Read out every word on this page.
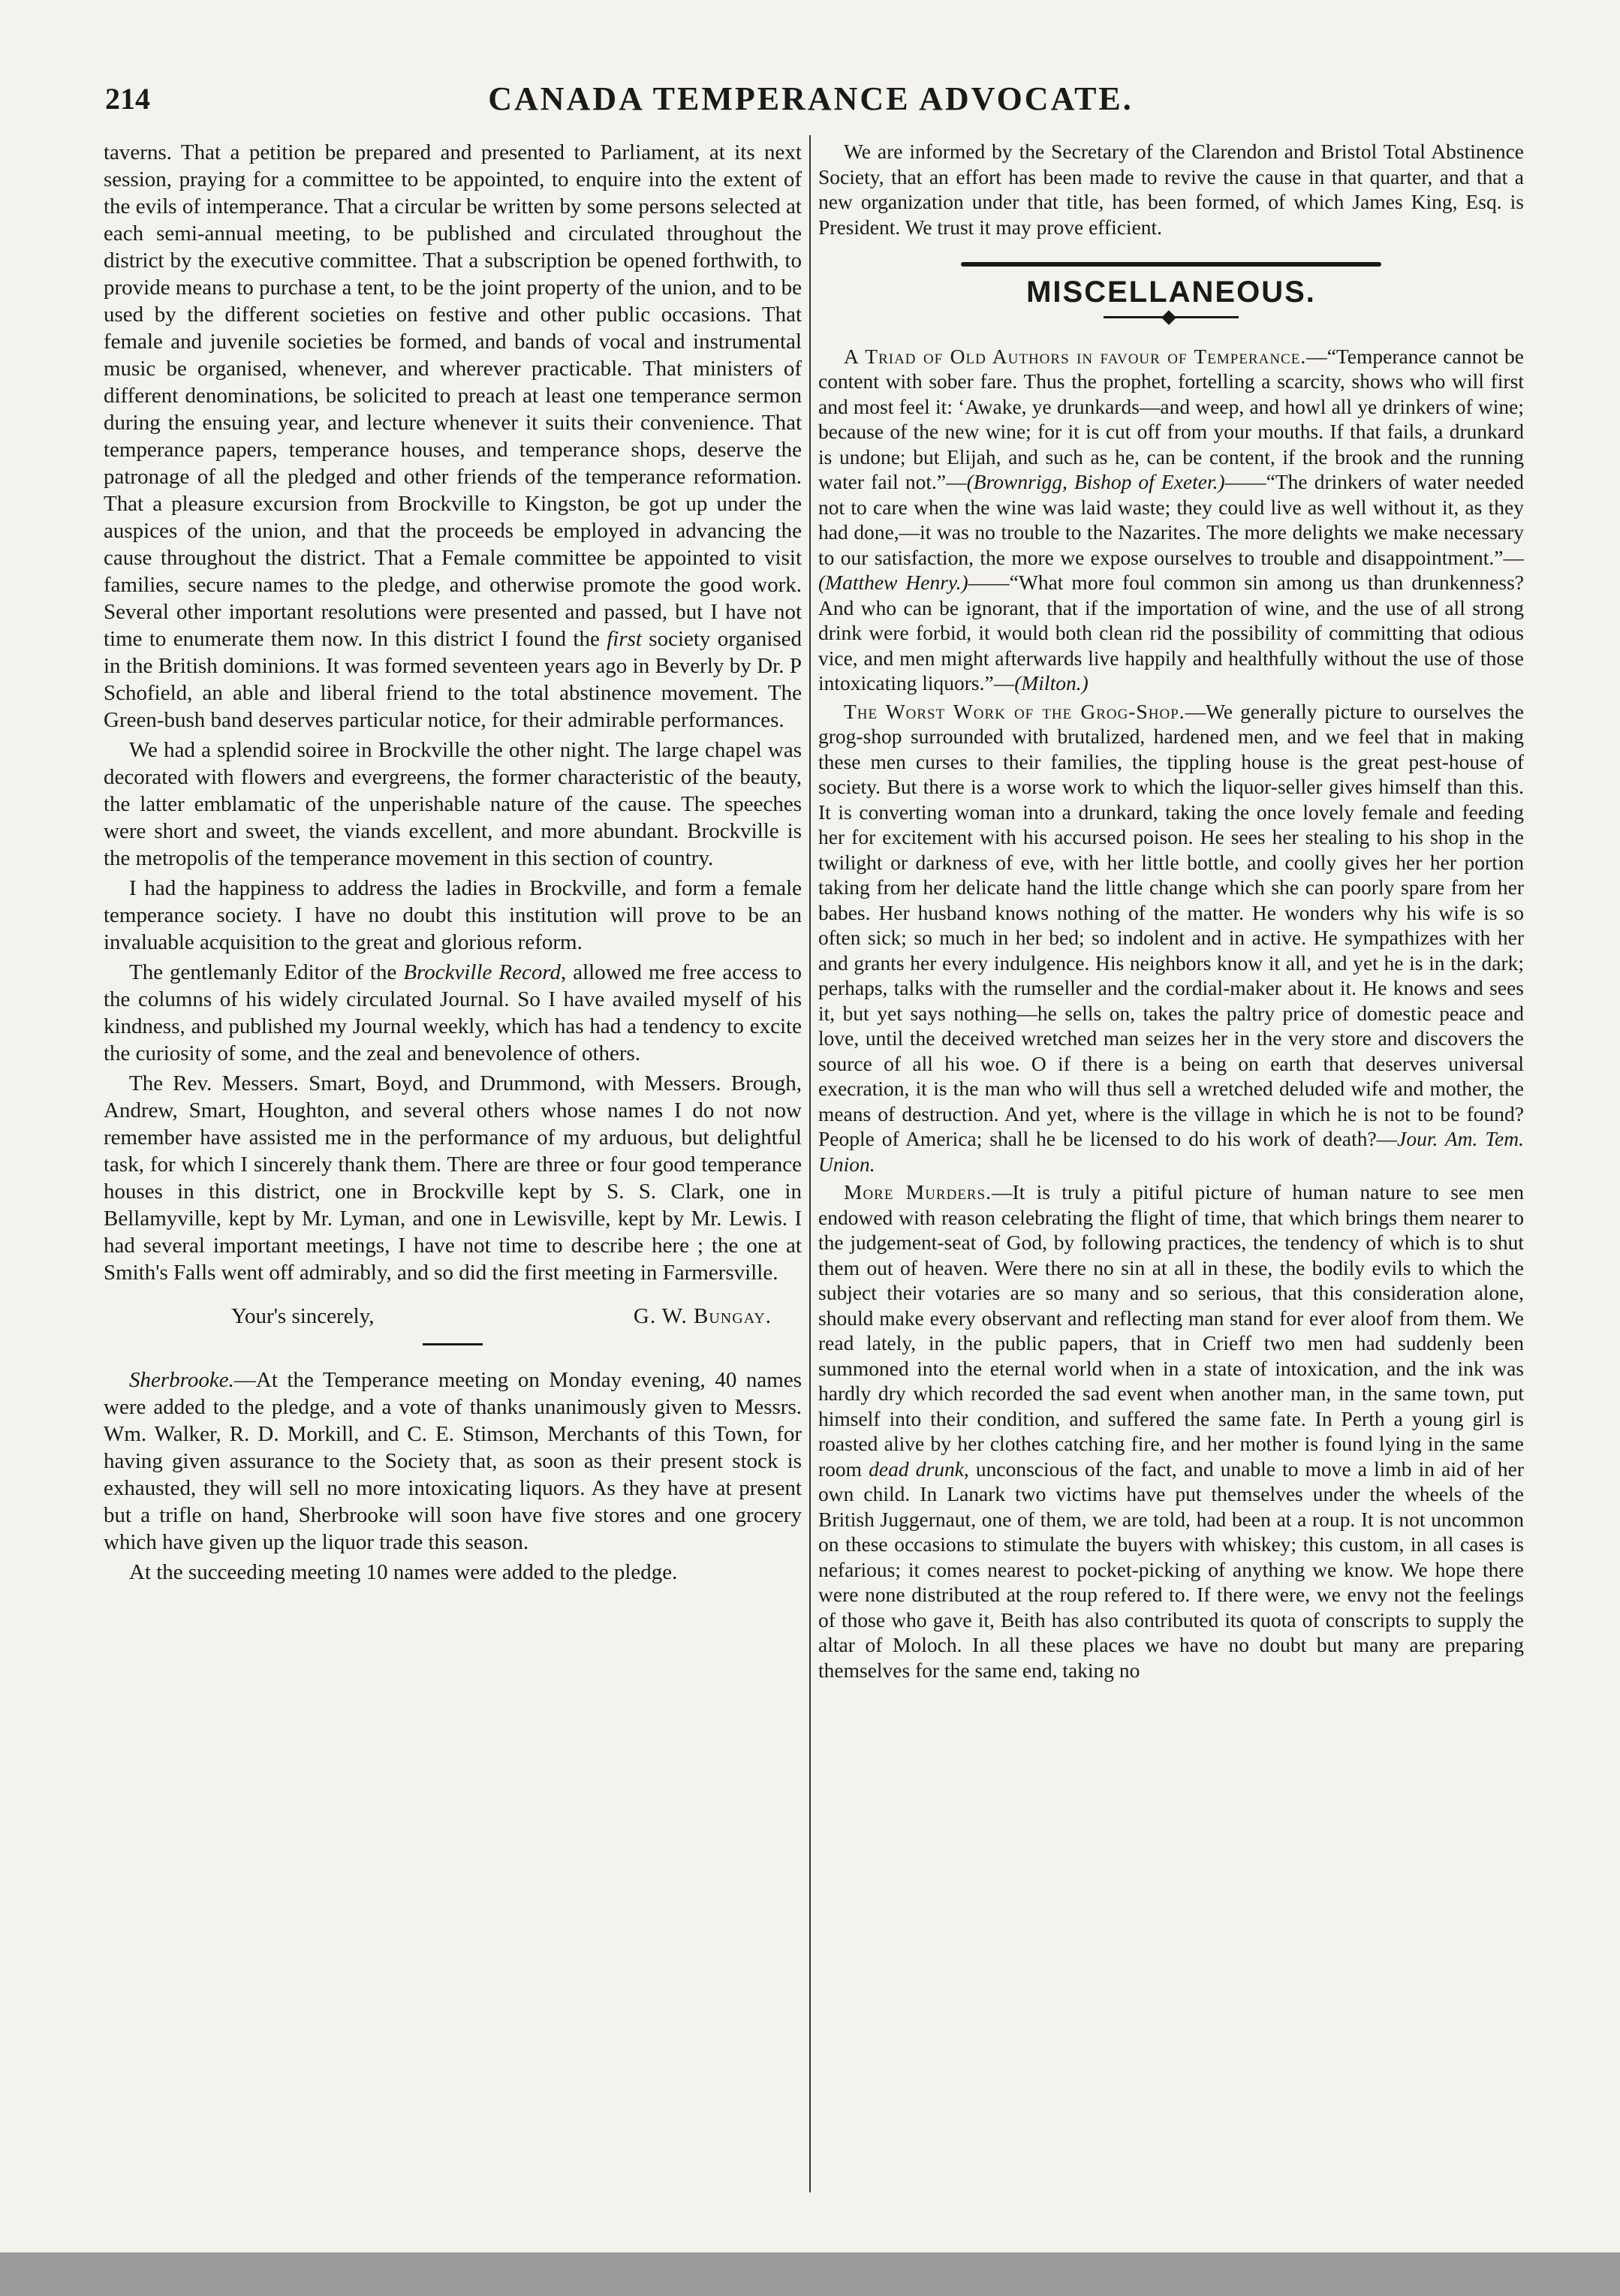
214	CANADA TEMPERANCE ADVOCATE.

taverns. That a petition be prepared and presented to Parliament, at its next session, praying for a committee to be appointed, to enquire into the extent of the evils of intemperance. That a circular be written by some persons selected at each semi-annual meeting, to be published and circulated throughout the district by the executive committee. That a subscription be opened forthwith, to provide means to purchase a tent, to be the joint property of the union, and to be used by the different societies on festive and other public occasions. That female and juvenile societies be formed, and bands of vocal and instrumental music be organised, whenever, and wherever practicable. That ministers of different denominations, be solicited to preach at least one temperance sermon during the ensuing year, and lecture whenever it suits their convenience. That temperance papers, temperance houses, and temperance shops, deserve the patronage of all the pledged and other friends of the temperance reformation. That a pleasure excursion from Brockville to Kingston, be got up under the auspices of the union, and that the proceeds be employed in advancing the cause throughout the district. That a Female committee be appointed to visit families, secure names to the pledge, and otherwise promote the good work. Several other important resolutions were presented and passed, but I have not time to enumerate them now. In this district I found the first society organised in the British dominions. It was formed seventeen years ago in Beverly by Dr. P Schofield, an able and liberal friend to the total abstinence movement. The Green-bush band deserves particular notice, for their admirable performances.

We had a splendid soiree in Brockville the other night. The large chapel was decorated with flowers and evergreens, the former characteristic of the beauty, the latter emblamatic of the unperishable nature of the cause. The speeches were short and sweet, the viands excellent, and more abundant. Brockville is the metropolis of the temperance movement in this section of country.

I had the happiness to address the ladies in Brockville, and form a female temperance society. I have no doubt this institution will prove to be an invaluable acquisition to the great and glorious reform.

The gentlemanly Editor of the Brockville Record, allowed me free access to the columns of his widely circulated Journal. So I have availed myself of his kindness, and published my Journal weekly, which has had a tendency to excite the curiosity of some, and the zeal and benevolence of others.

The Rev. Messers. Smart, Boyd, and Drummond, with Messers. Brough, Andrew, Smart, Houghton, and several others whose names I do not now remember have assisted me in the performance of my arduous, but delightful task, for which I sincerely thank them. There are three or four good temperance houses in this district, one in Brockville kept by S. S. Clark, one in Bellamyville, kept by Mr. Lyman, and one in Lewisville, kept by Mr. Lewis. I had several important meetings, I have not time to describe here ; the one at Smith's Falls went off admirably, and so did the first meeting in Farmersville.

Your's sincerely,	G. W. Bungay.

Sherbrooke.—At the Temperance meeting on Monday evening, 40 names were added to the pledge, and a vote of thanks unanimously given to Messrs. Wm. Walker, R. D. Morkill, and C. E. Stimson, Merchants of this Town, for having given assurance to the Society that, as soon as their present stock is exhausted, they will sell no more intoxicating liquors. As they have at present but a trifle on hand, Sherbrooke will soon have five stores and one grocery which have given up the liquor trade this season.

At the succeeding meeting 10 names were added to the pledge.

We are informed by the Secretary of the Clarendon and Bristol Total Abstinence Society, that an effort has been made to revive the cause in that quarter, and that a new organization under that title, has been formed, of which James King, Esq. is President. We trust it may prove efficient.

MISCELLANEOUS.

A Triad of Old Authors in favour of Temperance.—“Temperance cannot be content with sober fare. Thus the prophet, fortelling a scarcity, shows who will first and most feel it: ‘Awake, ye drunkards—and weep, and howl all ye drinkers of wine; because of the new wine; for it is cut off from your mouths. If that fails, a drunkard is undone; but Elijah, and such as he, can be content, if the brook and the running water fail not.”—(Brownrigg, Bishop of Exeter.)——“The drinkers of water needed not to care when the wine was laid waste; they could live as well without it, as they had done,—it was no trouble to the Nazarites. The more delights we make necessary to our satisfaction, the more we expose ourselves to trouble and disappointment.”—(Matthew Henry.)——“What more foul common sin among us than drunkenness? And who can be ignorant, that if the importation of wine, and the use of all strong drink were forbid, it would both clean rid the possibility of committing that odious vice, and men might afterwards live happily and healthfully without the use of those intoxicating liquors.”—(Milton.)

The Worst Work of the Grog-Shop.—We generally picture to ourselves the grog-shop surrounded with brutalized, hardened men, and we feel that in making these men curses to their families, the tippling house is the great pest-house of society. But there is a worse work to which the liquor-seller gives himself than this. It is converting woman into a drunkard, taking the once lovely female and feeding her for excitement with his accursed poison. He sees her stealing to his shop in the twilight or darkness of eve, with her little bottle, and coolly gives her her portion taking from her delicate hand the little change which she can poorly spare from her babes. Her husband knows nothing of the matter. He wonders why his wife is so often sick; so much in her bed; so indolent and in active. He sympathizes with her and grants her every indulgence. His neighbors know it all, and yet he is in the dark; perhaps, talks with the rumseller and the cordial-maker about it. He knows and sees it, but yet says nothing—he sells on, takes the paltry price of domestic peace and love, until the deceived wretched man seizes her in the very store and discovers the source of all his woe. O if there is a being on earth that deserves universal execration, it is the man who will thus sell a wretched deluded wife and mother, the means of destruction. And yet, where is the village in which he is not to be found? People of America; shall he be licensed to do his work of death?—Jour. Am. Tem. Union.

More Murders.—It is truly a pitiful picture of human nature to see men endowed with reason celebrating the flight of time, that which brings them nearer to the judgement-seat of God, by following practices, the tendency of which is to shut them out of heaven. Were there no sin at all in these, the bodily evils to which the subject their votaries are so many and so serious, that this consideration alone, should make every observant and reflecting man stand for ever aloof from them. We read lately, in the public papers, that in Crieff two men had suddenly been summoned into the eternal world when in a state of intoxication, and the ink was hardly dry which recorded the sad event when another man, in the same town, put himself into their condition, and suffered the same fate. In Perth a young girl is roasted alive by her clothes catching fire, and her mother is found lying in the same room dead drunk, unconscious of the fact, and unable to move a limb in aid of her own child. In Lanark two victims have put themselves under the wheels of the British Juggernaut, one of them, we are told, had been at a roup. It is not uncommon on these occasions to stimulate the buyers with whiskey; this custom, in all cases is nefarious; it comes nearest to pocket-picking of anything we know. We hope there were none distributed at the roup refered to. If there were, we envy not the feelings of those who gave it, Beith has also contributed its quota of conscripts to supply the altar of Moloch. In all these places we have no doubt but many are preparing themselves for the same end, taking no
